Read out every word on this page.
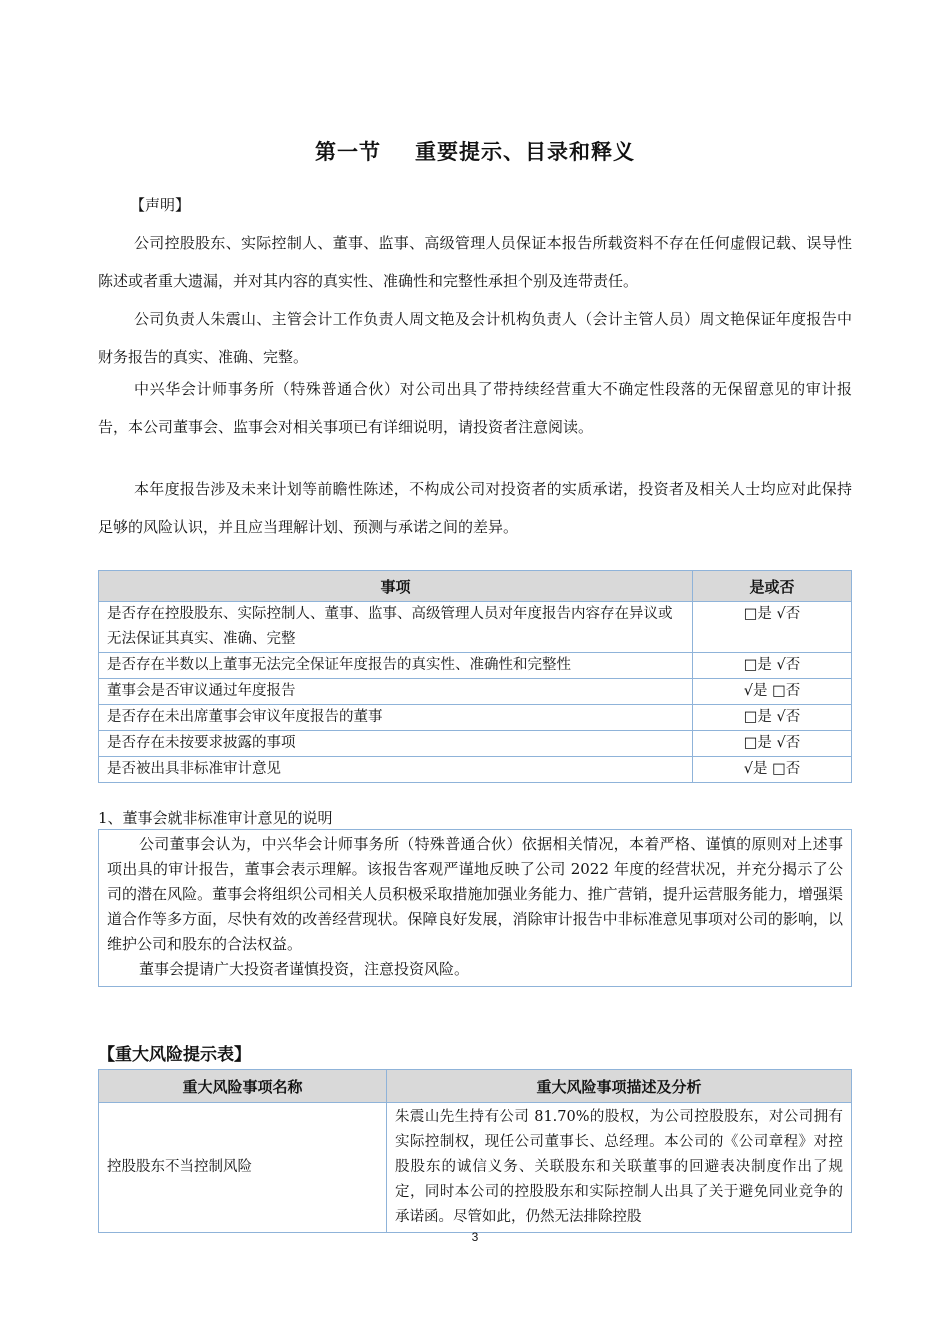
第一节 重要提示、目录和释义
【声明】
公司控股股东、实际控制人、董事、监事、高级管理人员保证本报告所载资料不存在任何虚假记载、误导性陈述或者重大遗漏，并对其内容的真实性、准确性和完整性承担个别及连带责任。
公司负责人朱震山、主管会计工作负责人周文艳及会计机构负责人（会计主管人员）周文艳保证年度报告中财务报告的真实、准确、完整。
中兴华会计师事务所（特殊普通合伙）对公司出具了带持续经营重大不确定性段落的无保留意见的审计报告，本公司董事会、监事会对相关事项已有详细说明，请投资者注意阅读。
本年度报告涉及未来计划等前瞻性陈述，不构成公司对投资者的实质承诺，投资者及相关人士均应对此保持足够的风险认识，并且应当理解计划、预测与承诺之间的差异。
事项	是或否
是否存在控股股东、实际控制人、董事、监事、高级管理人员对年度报告内容存在异议或无法保证其真实、准确、完整	□是 √否
是否存在半数以上董事无法完全保证年度报告的真实性、准确性和完整性	□是 √否
董事会是否审议通过年度报告	√是 □否
是否存在未出席董事会审议年度报告的董事	□是 √否
是否存在未按要求披露的事项	□是 √否
是否被出具非标准审计意见	√是 □否
1、董事会就非标准审计意见的说明

公司董事会认为，中兴华会计师事务所（特殊普通合伙）依据相关情况，本着严格、谨慎的原则对上述事项出具的审计报告，董事会表示理解。该报告客观严谨地反映了公司 2022 年度的经营状况，并充分揭示了公司的潜在风险。董事会将组织公司相关人员积极采取措施加强业务能力、推广营销，提升运营服务能力，增强渠道合作等多方面，尽快有效的改善经营现状。保障良好发展，消除审计报告中非标准意见事项对公司的影响，以维护公司和股东的合法权益。

董事会提请广大投资者谨慎投资，注意投资风险。

【重大风险提示表】
重大风险事项名称	重大风险事项描述及分析
控股股东不当控制风险	朱震山先生持有公司 81.70%的股权，为公司控股股东，对公司拥有实际控制权，现任公司董事长、总经理。本公司的《公司章程》对控股股东的诚信义务、关联股东和关联董事的回避表决制度作出了规定，同时本公司的控股股东和实际控制人出具了关于避免同业竞争的承诺函。尽管如此，仍然无法排除控股
3
